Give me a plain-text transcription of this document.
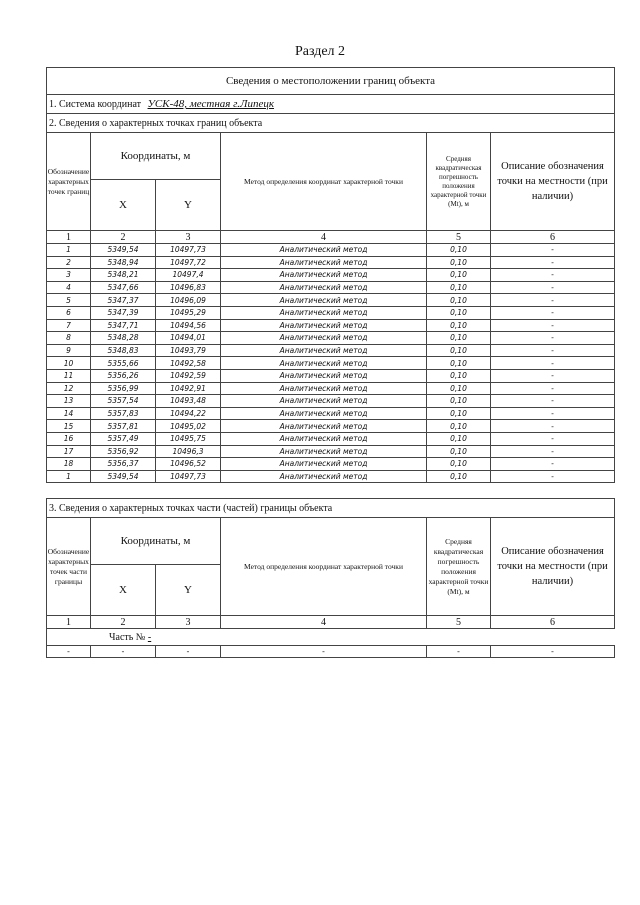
Раздел 2
Сведения о местоположении границ объекта					
1. Система координат УСК-48, местная г.Липецк					
2. Сведения о характерных точках границ объекта					
Обозначение характерных точек границ	Координаты, м		Метод определения координат характерной точки	Средняя квадратическая погрешность положения характерной точки (Mt), м	Описание обозначения точки на местности (при наличии)
	X	Y			
1	2	3	4	5	6
1	5349,54	10497,73	Аналитический метод	0,10	-
2	5348,94	10497,72	Аналитический метод	0,10	-
3	5348,21	10497,4	Аналитический метод	0,10	-
4	5347,66	10496,83	Аналитический метод	0,10	-
5	5347,37	10496,09	Аналитический метод	0,10	-
6	5347,39	10495,29	Аналитический метод	0,10	-
7	5347,71	10494,56	Аналитический метод	0,10	-
8	5348,28	10494,01	Аналитический метод	0,10	-
9	5348,83	10493,79	Аналитический метод	0,10	-
10	5355,66	10492,58	Аналитический метод	0,10	-
11	5356,26	10492,59	Аналитический метод	0,10	-
12	5356,99	10492,91	Аналитический метод	0,10	-
13	5357,54	10493,48	Аналитический метод	0,10	-
14	5357,83	10494,22	Аналитический метод	0,10	-
15	5357,81	10495,02	Аналитический метод	0,10	-
16	5357,49	10495,75	Аналитический метод	0,10	-
17	5356,92	10496,3	Аналитический метод	0,10	-
18	5356,37	10496,52	Аналитический метод	0,10	-
1	5349,54	10497,73	Аналитический метод	0,10	-
3. Сведения о характерных точках части (частей) границы объекта					
Обозначение характерных точек части границы	Координаты, м		Метод определения координат характерной точки	Средняя квадратическая погрешность положения характерной точки (Mt), м	Описание обозначения точки на местности (при наличии)
	X	Y			
1	2	3	4	5	6
Часть № -					
-	-	-	-	-	-
